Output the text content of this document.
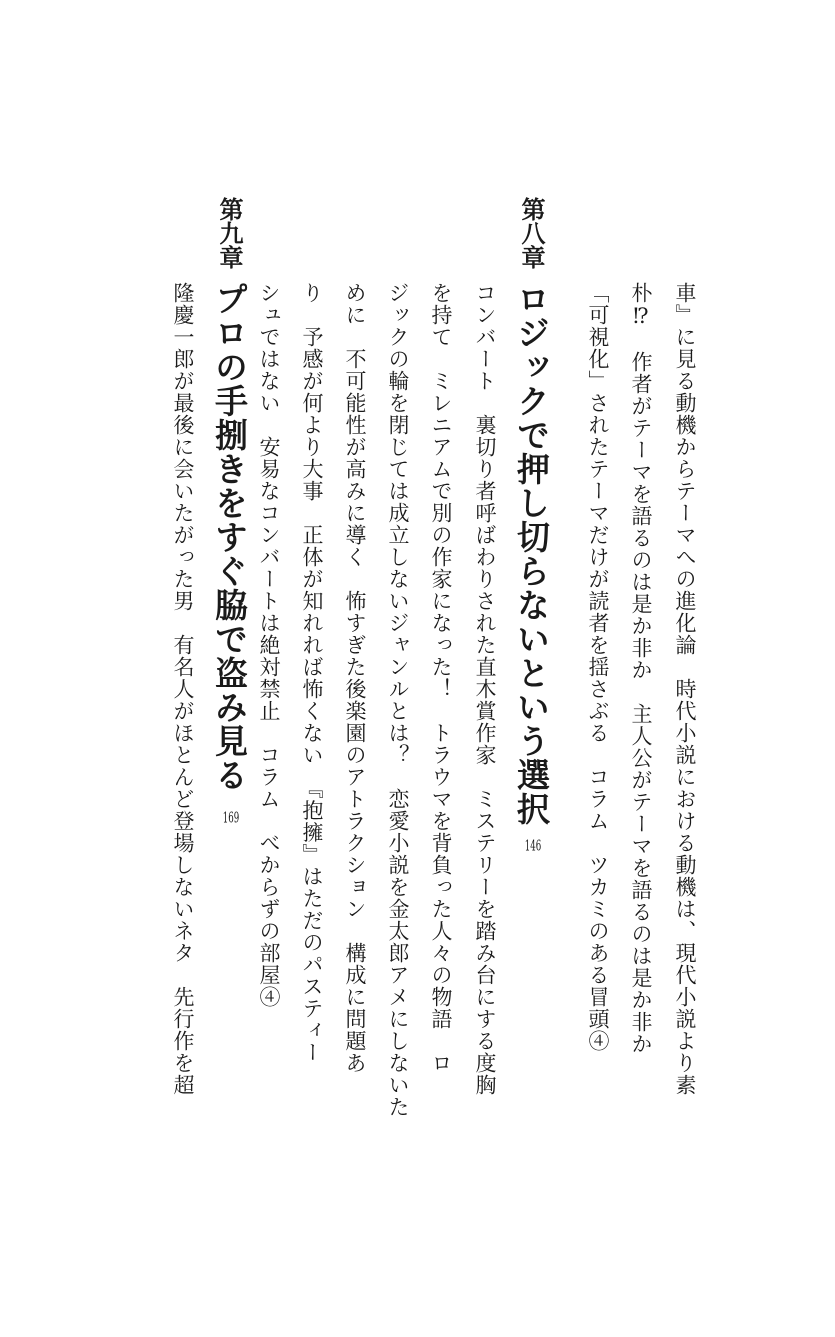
車』に見る動機からテーマへの進化論　時代小説における動機は、現代小説より素
朴⁉　作者がテーマを語るのは是か非か　主人公がテーマを語るのは是か非か
「可視化」されたテーマだけが読者を揺さぶる　コラム　ツカミのある冒頭④
第八章
ロジックで押し切らないという選択
146
コンバート　裏切り者呼ばわりされた直木賞作家　ミステリーを踏み台にする度胸
を持て　ミレニアムで別の作家になった！　トラウマを背負った人々の物語　ロ
ジックの輪を閉じては成立しないジャンルとは？　恋愛小説を金太郎アメにしないた
めに　不可能性が高みに導く　怖すぎた後楽園のアトラクション　構成に問題あ
り　予感が何より大事　正体が知れれば怖くない　『抱擁』はただのパスティー
シュではない　安易なコンバートは絶対禁止　コラム　べからずの部屋④
第九章
プロの手捌きをすぐ脇で盗み見る
169
隆慶一郎が最後に会いたがった男　有名人がほとんど登場しないネタ　先行作を超
